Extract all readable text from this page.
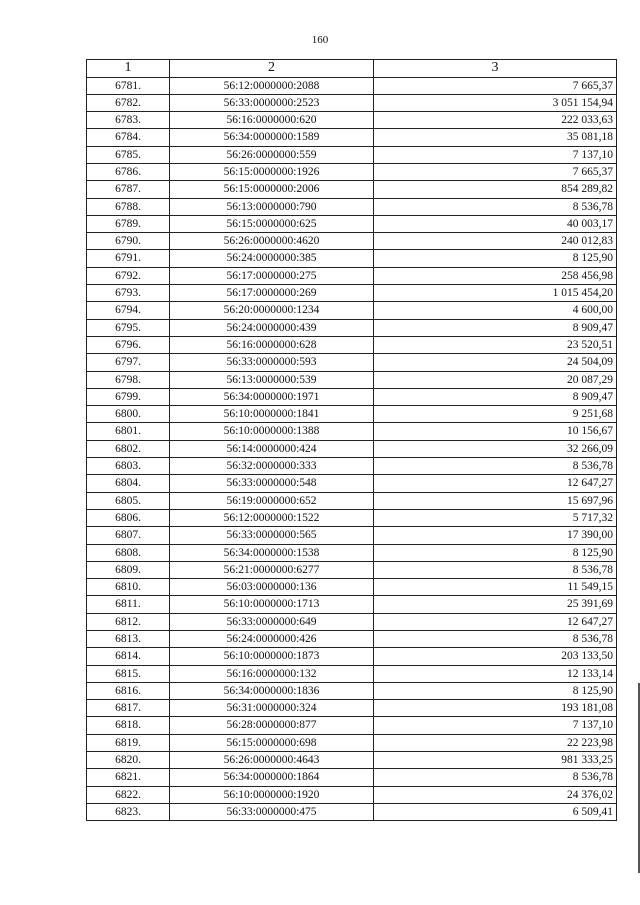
160
1	2	3
6781.	56:12:0000000:2088	7 665,37
6782.	56:33:0000000:2523	3 051 154,94
6783.	56:16:0000000:620	222 033,63
6784.	56:34:0000000:1589	35 081,18
6785.	56:26:0000000:559	7 137,10
6786.	56:15:0000000:1926	7 665,37
6787.	56:15:0000000:2006	854 289,82
6788.	56:13:0000000:790	8 536,78
6789.	56:15:0000000:625	40 003,17
6790.	56:26:0000000:4620	240 012,83
6791.	56:24:0000000:385	8 125,90
6792.	56:17:0000000:275	258 456,98
6793.	56:17:0000000:269	1 015 454,20
6794.	56:20:0000000:1234	4 600,00
6795.	56:24:0000000:439	8 909,47
6796.	56:16:0000000:628	23 520,51
6797.	56:33:0000000:593	24 504,09
6798.	56:13:0000000:539	20 087,29
6799.	56:34:0000000:1971	8 909,47
6800.	56:10:0000000:1841	9 251,68
6801.	56:10:0000000:1388	10 156,67
6802.	56:14:0000000:424	32 266,09
6803.	56:32:0000000:333	8 536,78
6804.	56:33:0000000:548	12 647,27
6805.	56:19:0000000:652	15 697,96
6806.	56:12:0000000:1522	5 717,32
6807.	56:33:0000000:565	17 390,00
6808.	56:34:0000000:1538	8 125,90
6809.	56:21:0000000:6277	8 536,78
6810.	56:03:0000000:136	11 549,15
6811.	56:10:0000000:1713	25 391,69
6812.	56:33:0000000:649	12 647,27
6813.	56:24:0000000:426	8 536,78
6814.	56:10:0000000:1873	203 133,50
6815.	56:16:0000000:132	12 133,14
6816.	56:34:0000000:1836	8 125,90
6817.	56:31:0000000:324	193 181,08
6818.	56:28:0000000:877	7 137,10
6819.	56:15:0000000:698	22 223,98
6820.	56:26:0000000:4643	981 333,25
6821.	56:34:0000000:1864	8 536,78
6822.	56:10:0000000:1920	24 376,02
6823.	56:33:0000000:475	6 509,41
